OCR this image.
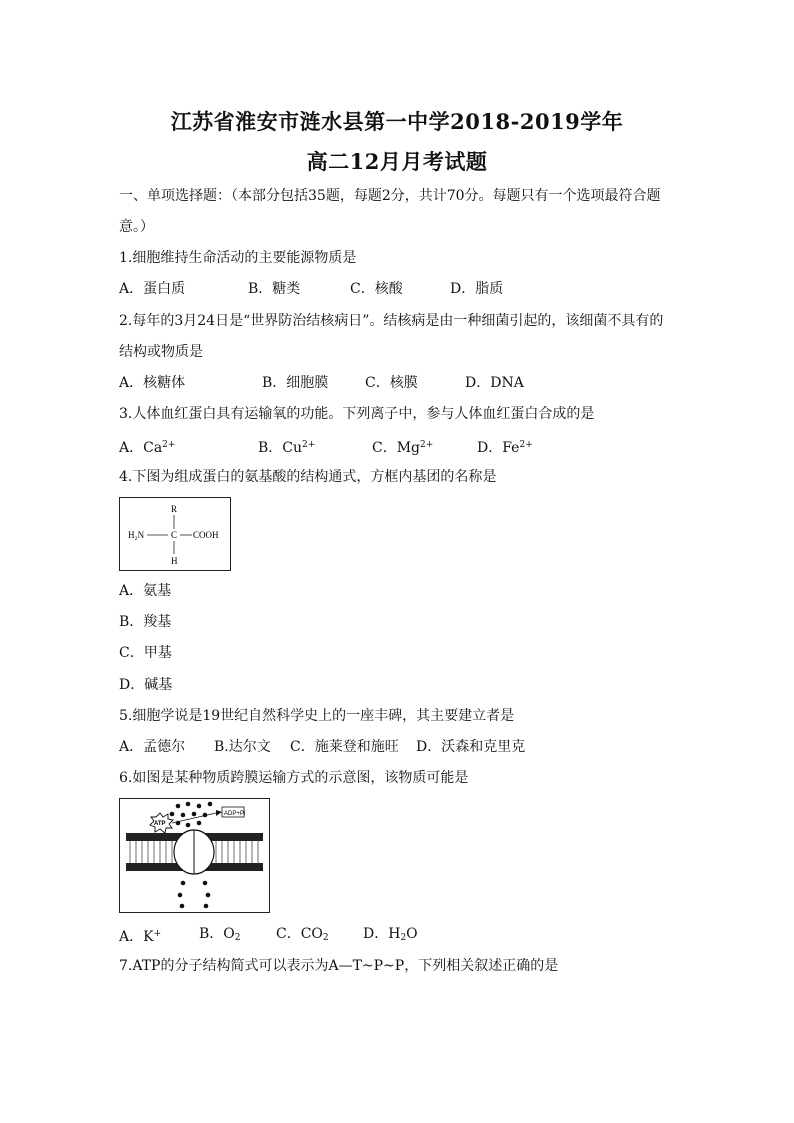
江苏省淮安市涟水县第一中学2018-2019学年
高二12月月考试题
一、单项选择题：（本部分包括35题，每题2分，共计70分。每题只有一个选项最符合题
意。）
1.细胞维持生命活动的主要能源物质是
A．蛋白质	B．糖类	C．核酸	D．脂质
2.每年的3月24日是“世界防治结核病日”。结核病是由一种细菌引起的，该细菌不具有的
结构或物质是
A．核糖体	B．细胞膜	C．核膜	D．DNA
3.人体血红蛋白具有运输氧的功能。下列离子中，参与人体血红蛋白合成的是
A．$Ca^{2+}$	B．$Cu^{2+}$	C．$Mg^{2+}$	D．$Fe^{2+}$
4.下图为组成蛋白的氨基酸的结构通式，方框内基团的名称是
R
H₂N	C COOH
H
A．氨基
B．羧基
C．甲基
D．碱基
5.细胞学说是19世纪自然科学史上的一座丰碑，其主要建立者是
A．孟德尔 B.达尔文 C．施莱登和施旺 D．沃森和克里克
6.如图是某种物质跨膜运输方式的示意图，该物质可能是
ATP
ADP+Pi
A．K+	B．$O_2$	C．$CO_2$ D．$H_2O$
7.ATP的分子结构简式可以表示为A—T~P~P，下列相关叙述正确的是
